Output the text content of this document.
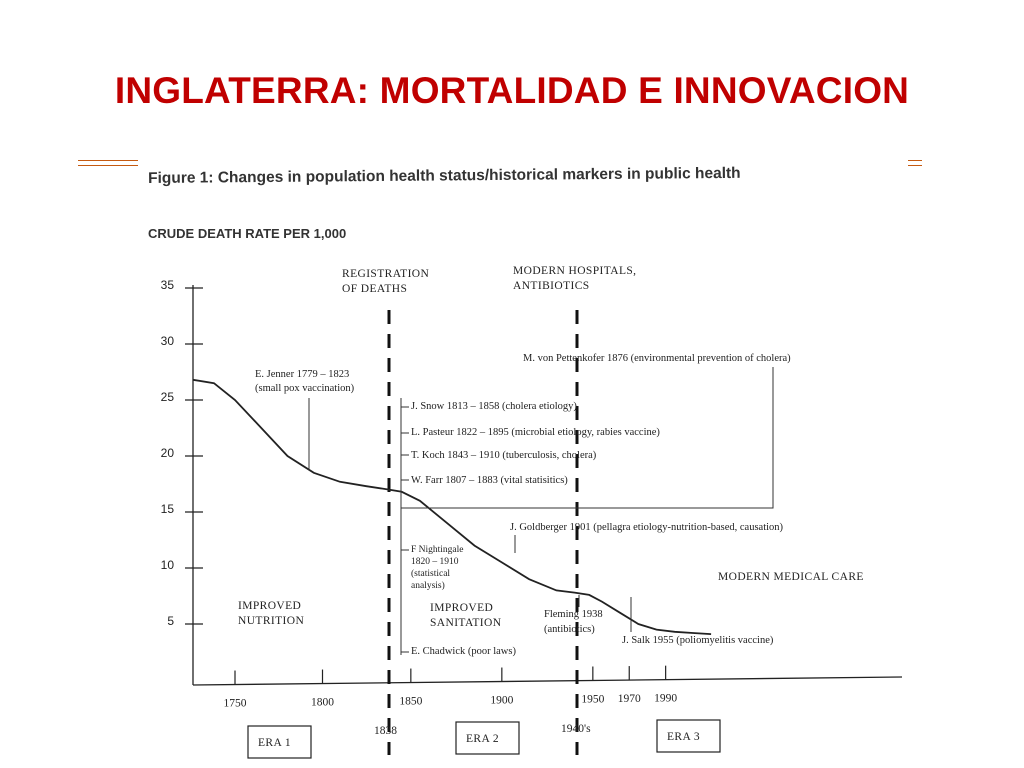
INGLATERRA: MORTALIDAD E INNOVACION
Figure 1: Changes in population health status/historical markers in public health
CRUDE DEATH RATE PER 1,000
35
30
25
20
15
10
5
1750	1800	1850	1900	1950 1970 1990
REGISTRATION
OF DEATHS
MODERN HOSPITALS,
ANTIBIOTICS
1838	1940's
E. Jenner 1779 – 1823
(small pox vaccination)
M. von Pettenkofer 1876 (environmental prevention of cholera)
J. Snow 1813 – 1858 (cholera etiology)
L. Pasteur 1822 – 1895 (microbial etiology, rabies vaccine)
T. Koch 1843 – 1910 (tuberculosis, cholera)
W. Farr 1807 – 1883 (vital statisitics)
J. Goldberger 1901 (pellagra etiology-nutrition-based, causation)
F Nightingale
1820 – 1910
(statistical
analysis)
Fleming 1938
(antibiotics)
J. Salk 1955 (poliomyelitis vaccine)
E. Chadwick (poor laws)
MODERN MEDICAL CARE
IMPROVED
NUTRITION
IMPROVED
SANITATION
ERA 1	ERA 2	ERA 3
